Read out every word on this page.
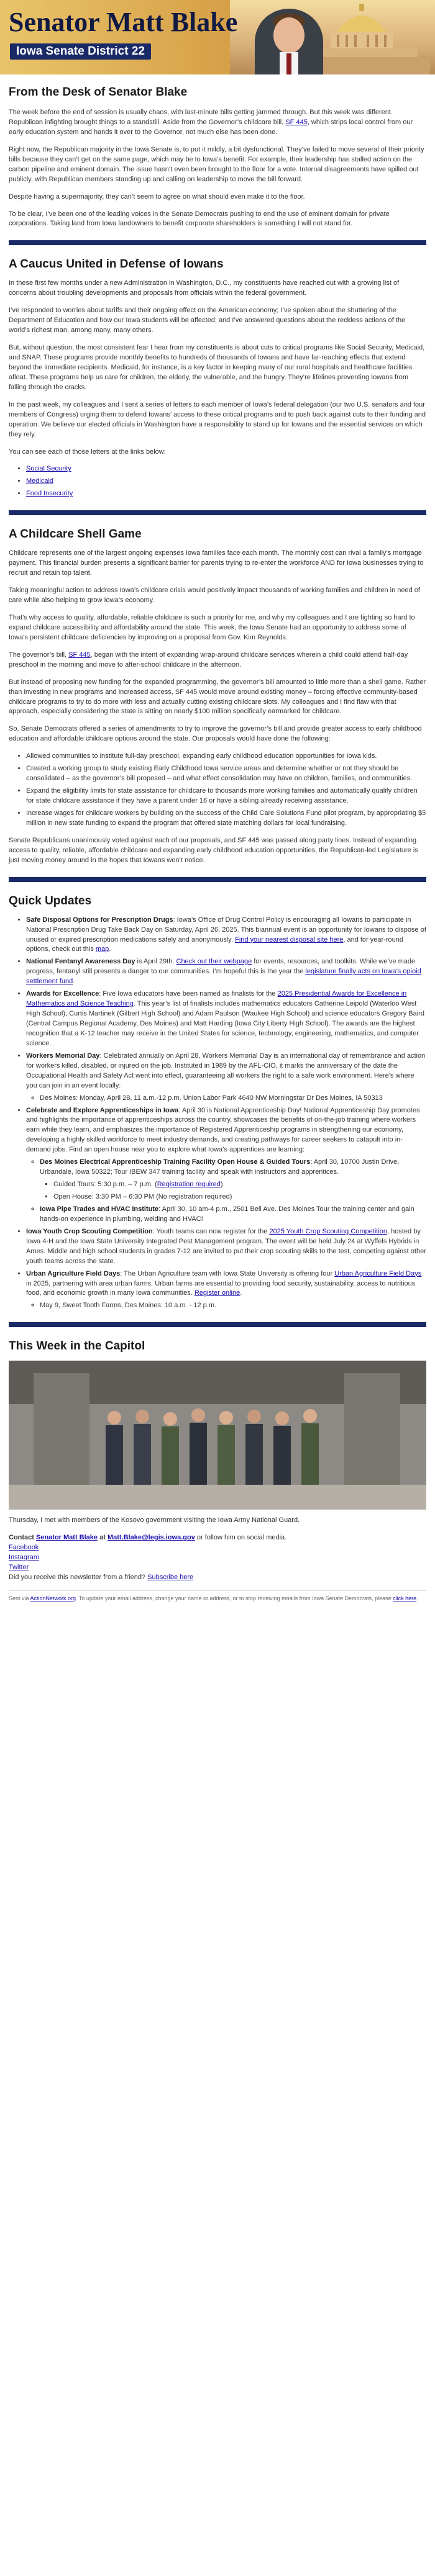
Senator Matt Blake
Iowa Senate District 22
From the Desk of Senator Blake

The week before the end of session is usually chaos, with last-minute bills getting jammed through. But this week was different. Republican infighting brought things to a standstill. Aside from the Governor’s childcare bill, SF 445, which strips local control from our early education system and hands it over to the Governor, not much else has been done.

Right now, the Republican majority in the Iowa Senate is, to put it mildly, a bit dysfunctional. They’ve failed to move several of their priority bills because they can’t get on the same page, which may be to Iowa’s benefit. For example, their leadership has stalled action on the carbon pipeline and eminent domain. The issue hasn’t even been brought to the floor for a vote. Internal disagreements have spilled out publicly, with Republican members standing up and calling on leadership to move the bill forward.

Despite having a supermajority, they can’t seem to agree on what should even make it to the floor.

To be clear, I’ve been one of the leading voices in the Senate Democrats pushing to end the use of eminent domain for private corporations. Taking land from Iowa landowners to benefit corporate shareholders is something I will not stand for.

A Caucus United in Defense of Iowans

In these first few months under a new Administration in Washington, D.C., my constituents have reached out with a growing list of concerns about troubling developments and proposals from officials within the federal government.

I’ve responded to worries about tariffs and their ongoing effect on the American economy; I’ve spoken about the shuttering of the Department of Education and how our Iowa students will be affected; and I’ve answered questions about the reckless actions of the world’s richest man, among many, many others.

But, without question, the most consistent fear I hear from my constituents is about cuts to critical programs like Social Security, Medicaid, and SNAP. These programs provide monthly benefits to hundreds of thousands of Iowans and have far-reaching effects that extend beyond the immediate recipients. Medicaid, for instance, is a key factor in keeping many of our rural hospitals and healthcare facilities afloat. These programs help us care for children, the elderly, the vulnerable, and the hungry. They’re lifelines preventing Iowans from falling through the cracks.

In the past week, my colleagues and I sent a series of letters to each member of Iowa’s federal delegation (our two U.S. senators and four members of Congress) urging them to defend Iowans’ access to these critical programs and to push back against cuts to their funding and operation. We believe our elected officials in Washington have a responsibility to stand up for Iowans and the essential services on which they rely.

You can see each of those letters at the links below:

• Social Security
• Medicaid
• Food Insecurity
A Childcare Shell Game

Childcare represents one of the largest ongoing expenses Iowa families face each month. The monthly cost can rival a family’s mortgage payment. This financial burden presents a significant barrier for parents trying to re-enter the workforce AND for Iowa businesses trying to recruit and retain top talent.

Taking meaningful action to address Iowa’s childcare crisis would positively impact thousands of working families and children in need of care while also helping to grow Iowa’s economy.

That’s why access to quality, affordable, reliable childcare is such a priority for me, and why my colleagues and I are fighting so hard to expand childcare accessibility and affordability around the state. This week, the Iowa Senate had an opportunity to address some of Iowa’s persistent childcare deficiencies by improving on a proposal from Gov. Kim Reynolds.

The governor’s bill, SF 445, began with the intent of expanding wrap-around childcare services wherein a child could attend half-day preschool in the morning and move to after-school childcare in the afternoon.

But instead of proposing new funding for the expanded programming, the governor’s bill amounted to little more than a shell game. Rather than investing in new programs and increased access, SF 445 would move around existing money – forcing effective community-based childcare programs to try to do more with less and actually cutting existing childcare slots. My colleagues and I find flaw with that approach, especially considering the state is sitting on nearly $100 million specifically earmarked for childcare.

So, Senate Democrats offered a series of amendments to try to improve the governor’s bill and provide greater access to early childhood education and affordable childcare options around the state. Our proposals would have done the following:

• Allowed communities to institute full-day preschool, expanding early childhood education opportunities for Iowa kids.
• Created a working group to study existing Early Childhood Iowa service areas and determine whether or not they should be consolidated – as the governor’s bill proposed – and what effect consolidation may have on children, families, and communities.
• Expand the eligibility limits for state assistance for childcare to thousands more working families and automatically qualify children for state childcare assistance if they have a parent under 16 or have a sibling already receiving assistance.
• Increase wages for childcare workers by building on the success of the Child Care Solutions Fund pilot program, by appropriating $5 million in new state funding to expand the program that offered state matching dollars for local fundraising.

Senate Republicans unanimously voted against each of our proposals, and SF 445 was passed along party lines. Instead of expanding access to quality, reliable, affordable childcare and expanding early childhood education opportunities, the Republican-led Legislature is just moving money around in the hopes that Iowans won’t notice.

Quick Updates
• Safe Disposal Options for Prescription Drugs: Iowa’s Office of Drug Control Policy is encouraging all Iowans to participate in National Prescription Drug Take Back Day on Saturday, April 26, 2025. This biannual event is an opportunity for Iowans to dispose of unused or expired prescription medications safely and anonymously. Find your nearest disposal site here, and for year-round options, check out this map.
• National Fentanyl Awareness Day is April 29th. Check out their webpage for events, resources, and toolkits. While we’ve made progress, fentanyl still presents a danger to our communities. I’m hopeful this is the year the legislature finally acts on Iowa’s opioid settlement fund.
• Awards for Excellence: Five Iowa educators have been named as finalists for the 2025 Presidential Awards for Excellence in Mathematics and Science Teaching. This year’s list of finalists includes mathematics educators Catherine Leipold (Waterloo West High School), Curtis Martinek (Gilbert High School) and Adam Paulson (Waukee High School) and science educators Gregory Baird (Central Campus Regional Academy, Des Moines) and Matt Harding (Iowa City Liberty High School). The awards are the highest recognition that a K-12 teacher may receive in the United States for science, technology, engineering, mathematics, and computer science.
• Workers Memorial Day: Celebrated annually on April 28, Workers Memorial Day is an international day of remembrance and action for workers killed, disabled, or injured on the job. Instituted in 1989 by the AFL-CIO, it marks the anniversary of the date the Occupational Health and Safety Act went into effect, guaranteeing all workers the right to a safe work environment. Here’s where you can join in an event locally:
◦ Des Moines: Monday, April 28, 11 a.m.-12 p.m. Union Labor Park 4640 NW Morningstar Dr Des Moines, IA 50313
• Celebrate and Explore Apprenticeships in Iowa: April 30 is National Apprenticeship Day! National Apprenticeship Day promotes and highlights the importance of apprenticeships across the country, showcases the benefits of on-the-job training where workers earn while they learn, and emphasizes the importance of Registered Apprenticeship programs in strengthening our economy, developing a highly skilled workforce to meet industry demands, and creating pathways for career seekers to catapult into in-demand jobs. Find an open house near you to explore what Iowa’s apprentices are learning:
◦ Des Moines Electrical Apprenticeship Training Facility Open House & Guided Tours: April 30, 10700 Justin Drive, Urbandale, Iowa 50322; Tour IBEW 347 training facility and speak with instructors and apprentices.
▪ Guided Tours: 5:30 p.m. – 7 p.m. (Registration required)
▪ Open House: 3:30 PM – 6:30 PM (No registration required)
◦ Iowa Pipe Trades and HVAC Institute: April 30, 10 am-4 p.m., 2501 Bell Ave. Des Moines Tour the training center and gain hands-on experience in plumbing, welding and HVAC!
• Iowa Youth Crop Scouting Competition: Youth teams can now register for the 2025 Youth Crop Scouting Competition, hosted by Iowa 4-H and the Iowa State University Integrated Pest Management program. The event will be held July 24 at Wyffels Hybrids in Ames. Middle and high school students in grades 7-12 are invited to put their crop scouting skills to the test, competing against other youth teams across the state.
• Urban Agriculture Field Days: The Urban Agriculture team with Iowa State University is offering four Urban Agriculture Field Days in 2025, partnering with area urban farms. Urban farms are essential to providing food security, sustainability, access to nutritious food, and economic growth in many Iowa communities. Register online.
◦ May 9, Sweet Tooth Farms, Des Moines: 10 a.m. - 12 p.m.
This Week in the Capitol

Thursday, I met with members of the Kosovo government visiting the Iowa Army National Guard.

Contact Senator Matt Blake at Matt.Blake@legis.iowa.gov or follow him on social media.
Facebook
Instagram
Twitter
Did you receive this newsletter from a friend? Subscribe here

Sent via ActionNetwork.org. To update your email address, change your name or address, or to stop receiving emails from Iowa Senate Democrats, please click here.
